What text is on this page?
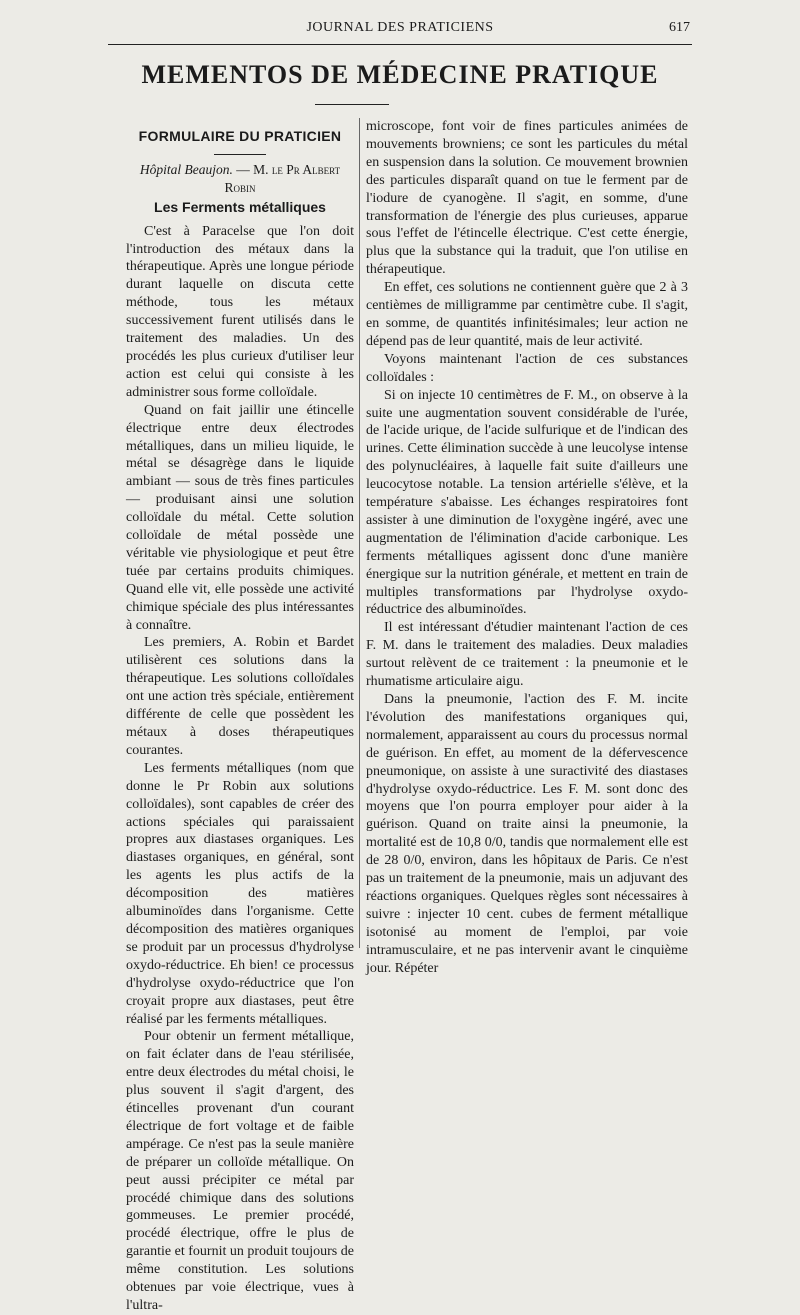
JOURNAL DES PRATICIENS	617
MEMENTOS DE MÉDECINE PRATIQUE
FORMULAIRE DU PRATICIEN
Hôpital Beaujon. — M. le Pr Albert Robin
Les Ferments métalliques

C'est à Paracelse que l'on doit l'introduction des métaux dans la thérapeutique. Après une longue période durant laquelle on discuta cette méthode, tous les métaux successivement furent utilisés dans le traitement des maladies. Un des procédés les plus curieux d'utiliser leur action est celui qui consiste à les administrer sous forme colloïdale.

Quand on fait jaillir une étincelle électrique entre deux électrodes métalliques, dans un milieu liquide, le métal se désagrège dans le liquide ambiant — sous de très fines particules — produisant ainsi une solution colloïdale du métal. Cette solution colloïdale de métal possède une véritable vie physiologique et peut être tuée par certains produits chimiques. Quand elle vit, elle possède une activité chimique spéciale des plus intéressantes à connaître.

Les premiers, A. Robin et Bardet utilisèrent ces solutions dans la thérapeutique. Les solutions colloïdales ont une action très spéciale, entièrement différente de celle que possèdent les métaux à doses thérapeutiques courantes.

Les ferments métalliques (nom que donne le Pr Robin aux solutions colloïdales), sont capables de créer des actions spéciales qui paraissaient propres aux diastases organiques. Les diastases organiques, en général, sont les agents les plus actifs de la décomposition des matières albuminoïdes dans l'organisme. Cette décomposition des matières organiques se produit par un processus d'hydrolyse oxydo-réductrice. Eh bien! ce processus d'hydrolyse oxydo-réductrice que l'on croyait propre aux diastases, peut être réalisé par les ferments métalliques.

Pour obtenir un ferment métallique, on fait éclater dans de l'eau stérilisée, entre deux électrodes du métal choisi, le plus souvent il s'agit d'argent, des étincelles provenant d'un courant électrique de fort voltage et de faible ampérage. Ce n'est pas la seule manière de préparer un colloïde métallique. On peut aussi précipiter ce métal par procédé chimique dans des solutions gommeuses. Le premier procédé, procédé électrique, offre le plus de garantie et fournit un produit toujours de même constitution. Les solutions obtenues par voie électrique, vues à l'ultra-

microscope, font voir de fines particules animées de mouvements browniens; ce sont les particules du métal en suspension dans la solution. Ce mouvement brownien des particules disparaît quand on tue le ferment par de l'iodure de cyanogène. Il s'agit, en somme, d'une transformation de l'énergie des plus curieuses, apparue sous l'effet de l'étincelle électrique. C'est cette énergie, plus que la substance qui la traduit, que l'on utilise en thérapeutique.

En effet, ces solutions ne contiennent guère que 2 à 3 centièmes de milligramme par centimètre cube. Il s'agit, en somme, de quantités infinitésimales; leur action ne dépend pas de leur quantité, mais de leur activité.

Voyons maintenant l'action de ces substances colloïdales :

Si on injecte 10 centimètres de F. M., on observe à la suite une augmentation souvent considérable de l'urée, de l'acide urique, de l'acide sulfurique et de l'indican des urines. Cette élimination succède à une leucolyse intense des polynucléaires, à laquelle fait suite d'ailleurs une leucocytose notable. La tension artérielle s'élève, et la température s'abaisse. Les échanges respiratoires font assister à une diminution de l'oxygène ingéré, avec une augmentation de l'élimination d'acide carbonique. Les ferments métalliques agissent donc d'une manière énergique sur la nutrition générale, et mettent en train de multiples transformations par l'hydrolyse oxydo-réductrice des albuminoïdes.

Il est intéressant d'étudier maintenant l'action de ces F. M. dans le traitement des maladies. Deux maladies surtout relèvent de ce traitement : la pneumonie et le rhumatisme articulaire aigu.

Dans la pneumonie, l'action des F. M. incite l'évolution des manifestations organiques qui, normalement, apparaissent au cours du processus normal de guérison. En effet, au moment de la défervescence pneumonique, on assiste à une suractivité des diastases d'hydrolyse oxydo-réductrice. Les F. M. sont donc des moyens que l'on pourra employer pour aider à la guérison. Quand on traite ainsi la pneumonie, la mortalité est de 10,8 0/0, tandis que normalement elle est de 28 0/0, environ, dans les hôpitaux de Paris. Ce n'est pas un traitement de la pneumonie, mais un adjuvant des réactions organiques. Quelques règles sont nécessaires à suivre : injecter 10 cent. cubes de ferment métallique isotonisé au moment de l'emploi, par voie intramusculaire, et ne pas intervenir avant le cinquième jour. Répéter
